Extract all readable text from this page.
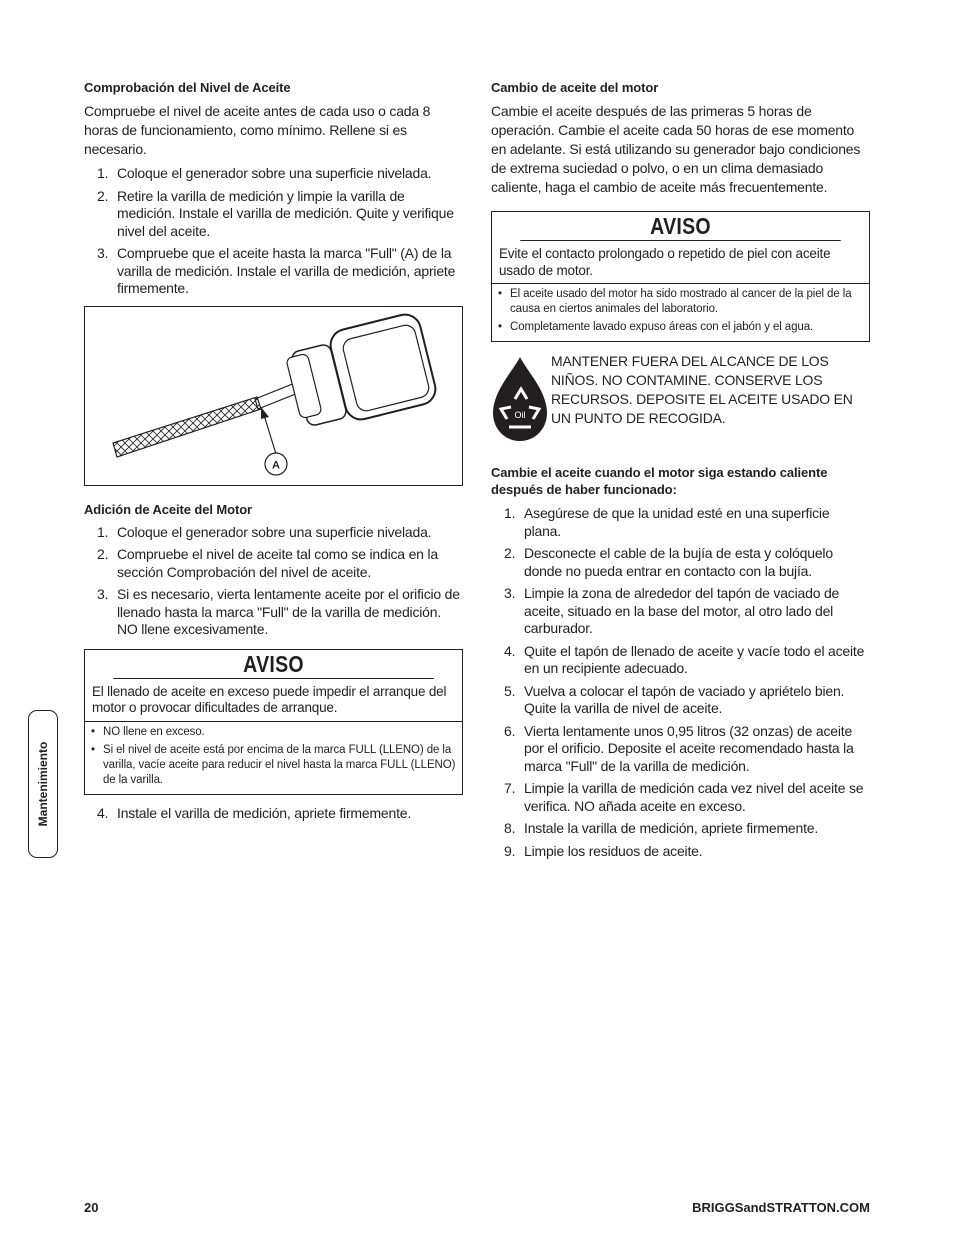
Comprobación del Nivel de Aceite
Compruebe el nivel de aceite antes de cada uso o cada 8 horas de funcionamiento, como mínimo. Rellene si es necesario.
1. Coloque el generador sobre una superficie nivelada.
2. Retire la varilla de medición y limpie la varilla de medición. Instale el varilla de medición. Quite y verifique nivel del aceite.
3. Compruebe que el aceite hasta la marca "Full" (A) de la varilla de medición. Instale el varilla de medición, apriete firmemente.
A
Adición de Aceite del Motor
1. Coloque el generador sobre una superficie nivelada.
2. Compruebe el nivel de aceite tal como se indica en la sección Comprobación del nivel de aceite.
3. Si es necesario, vierta lentamente aceite por el orificio de llenado hasta la marca "Full" de la varilla de medición. NO llene excesivamente.
AVISO
El llenado de aceite en exceso puede impedir el arranque del motor o provocar dificultades de arranque.
• NO llene en exceso.
• Si el nivel de aceite está por encima de la marca FULL (LLENO) de la varilla, vacíe aceite para reducir el nivel hasta la marca FULL (LLENO) de la varilla.
4. Instale el varilla de medición, apriete firmemente.
Cambio de aceite del motor
Cambie el aceite después de las primeras 5 horas de operación. Cambie el aceite cada 50 horas de ese momento en adelante. Si está utilizando su generador bajo condiciones de extrema suciedad o polvo, o en un clima demasiado caliente, haga el cambio de aceite más frecuentemente.
AVISO
Evite el contacto prolongado o repetido de piel con aceite usado de motor.
• El aceite usado del motor ha sido mostrado al cancer de la piel de la causa en ciertos animales del laboratorio.
• Completamente lavado expuso áreas con el jabón y el agua.
Oil
MANTENER FUERA DEL ALCANCE DE LOS NIÑOS. NO CONTAMINE. CONSERVE LOS RECURSOS. DEPOSITE EL ACEITE USADO EN UN PUNTO DE RECOGIDA.
Cambie el aceite cuando el motor siga estando caliente después de haber funcionado:
1. Asegúrese de que la unidad esté en una superficie plana.
2. Desconecte el cable de la bujía de esta y colóquelo donde no pueda entrar en contacto con la bujía.
3. Limpie la zona de alrededor del tapón de vaciado de aceite, situado en la base del motor, al otro lado del carburador.
4. Quite el tapón de llenado de aceite y vacíe todo el aceite en un recipiente adecuado.
5. Vuelva a colocar el tapón de vaciado y apriételo bien. Quite la varilla de nivel de aceite.
6. Vierta lentamente unos 0,95 litros (32 onzas) de aceite por el orificio. Deposite el aceite recomendado hasta la marca "Full" de la varilla de medición.
7. Limpie la varilla de medición cada vez nivel del aceite se verifica. NO añada aceite en exceso.
8. Instale la varilla de medición, apriete firmemente.
9. Limpie los residuos de aceite.
Mantenimiento
20	BRIGGSandSTRATTON.COM
